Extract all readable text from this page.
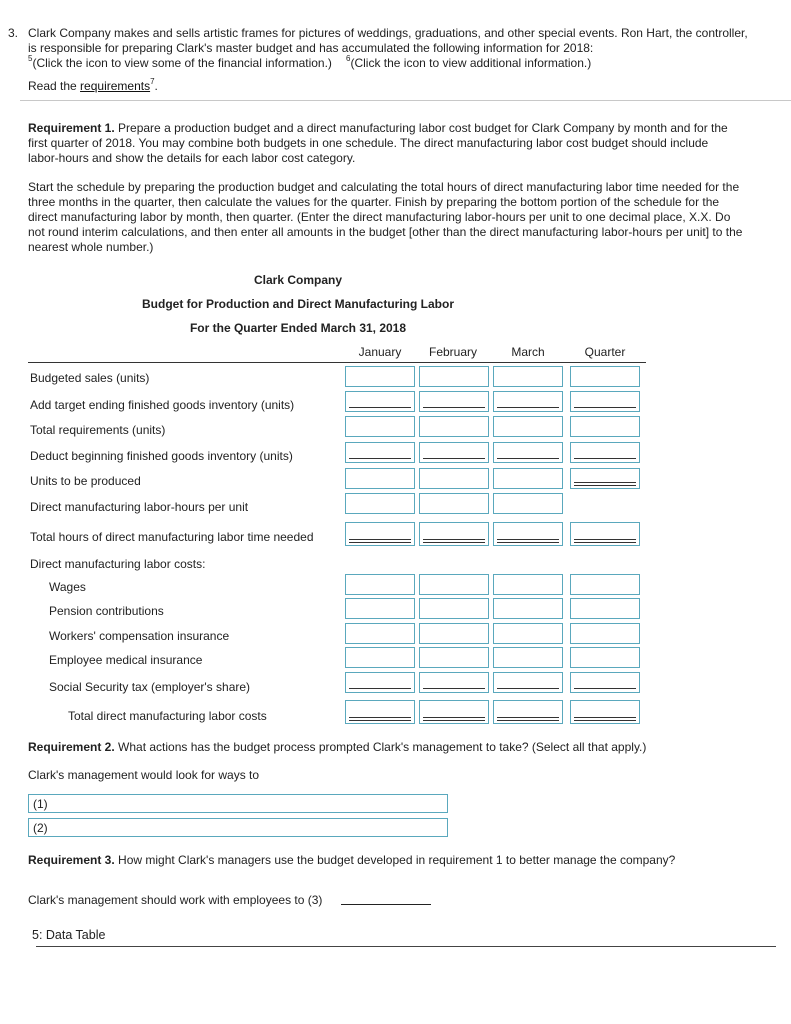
3. Clark Company makes and sells artistic frames for pictures of weddings, graduations, and other special events. Ron Hart, the controller,
is responsible for preparing Clark's master budget and has accumulated the following information for 2018:
$^5$(Click the icon to view some of the financial information.) $^6$(Click the icon to view additional information.)
Read the requirements$^7$.
Requirement 1. Prepare a production budget and a direct manufacturing labor cost budget for Clark Company by month and for the
first quarter of 2018. You may combine both budgets in one schedule. The direct manufacturing labor cost budget should include
labor-hours and show the details for each labor cost category.
Start the schedule by preparing the production budget and calculating the total hours of direct manufacturing labor time needed for the
three months in the quarter, then calculate the values for the quarter. Finish by preparing the bottom portion of the schedule for the
direct manufacturing labor by month, then quarter. (Enter the direct manufacturing labor-hours per unit to one decimal place, X.X. Do
not round interim calculations, and then enter all amounts in the budget [other than the direct manufacturing labor-hours per unit] to the
nearest whole number.)
Clark Company
Budget for Production and Direct Manufacturing Labor
For the Quarter Ended March 31, 2018
January	February	March	Quarter
Budgeted sales (units)
Add target ending finished goods inventory (units)
Total requirements (units)
Deduct beginning finished goods inventory (units)
Units to be produced
Direct manufacturing labor-hours per unit
Total hours of direct manufacturing labor time needed
Direct manufacturing labor costs:
Wages
Pension contributions
Workers' compensation insurance
Employee medical insurance
Social Security tax (employer's share)
Total direct manufacturing labor costs
Requirement 2. What actions has the budget process prompted Clark's management to take? (Select all that apply.)
Clark's management would look for ways to
(1)
(2)
Requirement 3. How might Clark's managers use the budget developed in requirement 1 to better manage the company?
Clark's management should work with employees to (3)
5: Data Table
